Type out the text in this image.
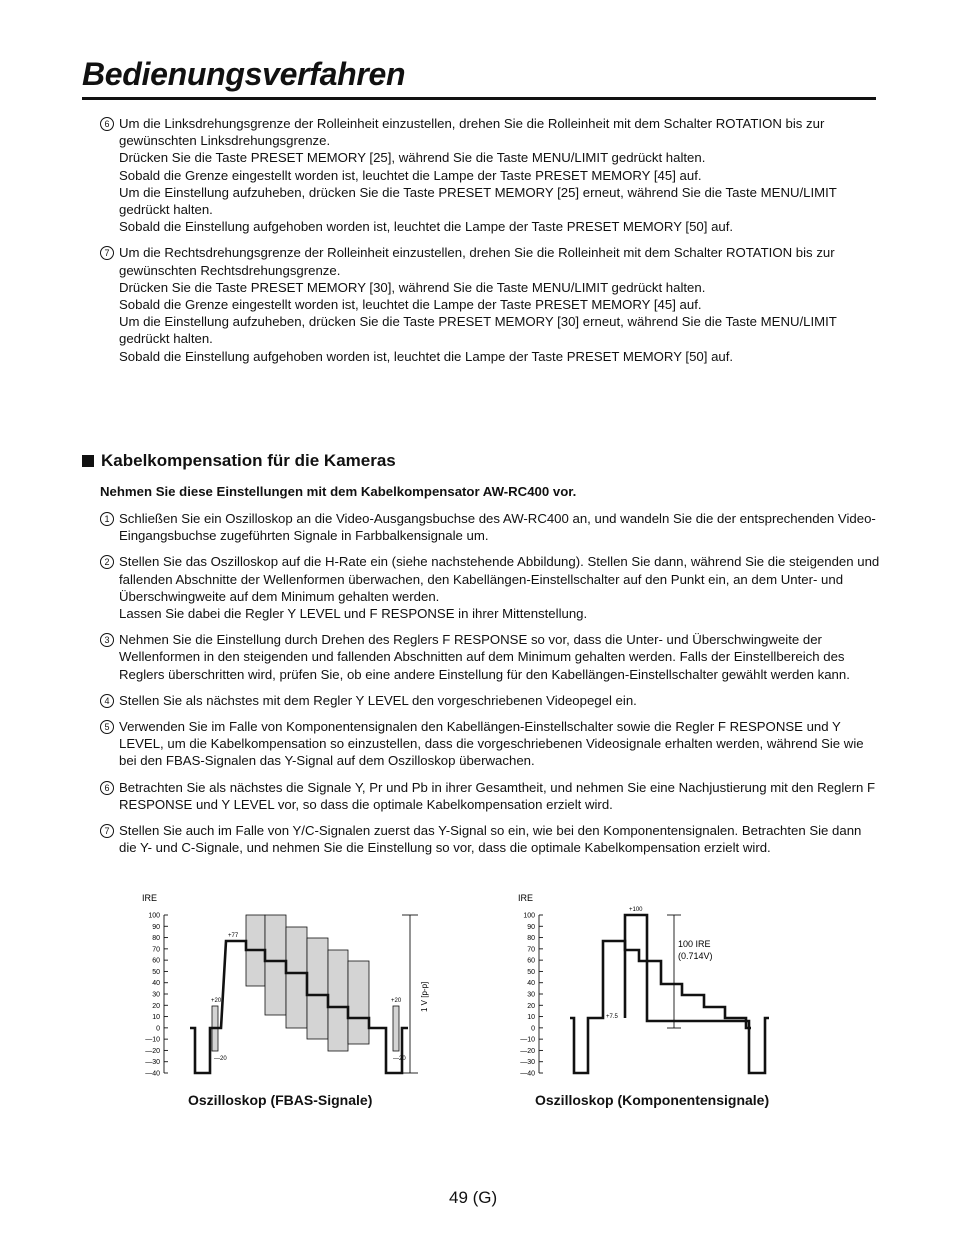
Bedienungsverfahren
6 Um die Linksdrehungsgrenze der Rolleinheit einzustellen, drehen Sie die Rolleinheit mit dem Schalter ROTATION bis zur gewünschten Linksdrehungsgrenze.
Drücken Sie die Taste PRESET MEMORY [25], während Sie die Taste MENU/LIMIT gedrückt halten.
Sobald die Grenze eingestellt worden ist, leuchtet die Lampe der Taste PRESET MEMORY [45] auf.
Um die Einstellung aufzuheben, drücken Sie die Taste PRESET MEMORY [25] erneut, während Sie die Taste MENU/LIMIT gedrückt halten.
Sobald die Einstellung aufgehoben worden ist, leuchtet die Lampe der Taste PRESET MEMORY [50] auf.
7 Um die Rechtsdrehungsgrenze der Rolleinheit einzustellen, drehen Sie die Rolleinheit mit dem Schalter ROTATION bis zur gewünschten Rechtsdrehungsgrenze.
Drücken Sie die Taste PRESET MEMORY [30], während Sie die Taste MENU/LIMIT gedrückt halten.
Sobald die Grenze eingestellt worden ist, leuchtet die Lampe der Taste PRESET MEMORY [45] auf.
Um die Einstellung aufzuheben, drücken Sie die Taste PRESET MEMORY [30] erneut, während Sie die Taste MENU/LIMIT gedrückt halten.
Sobald die Einstellung aufgehoben worden ist, leuchtet die Lampe der Taste PRESET MEMORY [50] auf.
Kabelkompensation für die Kameras
Nehmen Sie diese Einstellungen mit dem Kabelkompensator AW-RC400 vor.
1 Schließen Sie ein Oszilloskop an die Video-Ausgangsbuchse des AW-RC400 an, und wandeln Sie die der entsprechenden Video-Eingangsbuchse zugeführten Signale in Farbbalkensignale um.
2 Stellen Sie das Oszilloskop auf die H-Rate ein (siehe nachstehende Abbildung). Stellen Sie dann, während Sie die steigenden und fallenden Abschnitte der Wellenformen überwachen, den Kabellängen-Einstellschalter auf den Punkt ein, an dem Unter- und Überschwingweite auf dem Minimum gehalten werden.
Lassen Sie dabei die Regler Y LEVEL und F RESPONSE in ihrer Mittenstellung.
3 Nehmen Sie die Einstellung durch Drehen des Reglers F RESPONSE so vor, dass die Unter- und Überschwingweite der Wellenformen in den steigenden und fallenden Abschnitten auf dem Minimum gehalten werden. Falls der Einstellbereich des Reglers überschritten wird, prüfen Sie, ob eine andere Einstellung für den Kabellängen-Einstellschalter gewählt werden kann.
4 Stellen Sie als nächstes mit dem Regler Y LEVEL den vorgeschriebenen Videopegel ein.
5 Verwenden Sie im Falle von Komponentensignalen den Kabellängen-Einstellschalter sowie die Regler F RESPONSE und Y LEVEL, um die Kabelkompensation so einzustellen, dass die vorgeschriebenen Videosignale erhalten werden, während Sie wie bei den FBAS-Signalen das Y-Signal auf dem Oszilloskop überwachen.
6 Betrachten Sie als nächstes die Signale Y, Pr und Pb in ihrer Gesamtheit, und nehmen Sie eine Nachjustierung mit den Reglern F RESPONSE und Y LEVEL vor, so dass die optimale Kabelkompensation erzielt wird.
7 Stellen Sie auch im Falle von Y/C-Signalen zuerst das Y-Signal so ein, wie bei den Komponentensignalen. Betrachten Sie dann die Y- und C-Signale, und nehmen Sie die Einstellung so vor, dass die optimale Kabelkompensation erzielt wird.
IRE
100
90
80
70
60
50
40
30
20
10
0
—10
—20
—30
—40
+77
+20
—20
+20
—20
1 V [p-p]
Oszilloskop (FBAS-Signale)
IRE
100
90
80
70
60
50
40
30
20
10
0
—10
—20
—30
—40
+100
+7.5
100 IRE
(0.714V)
Oszilloskop (Komponentensignale)
49 (G)
